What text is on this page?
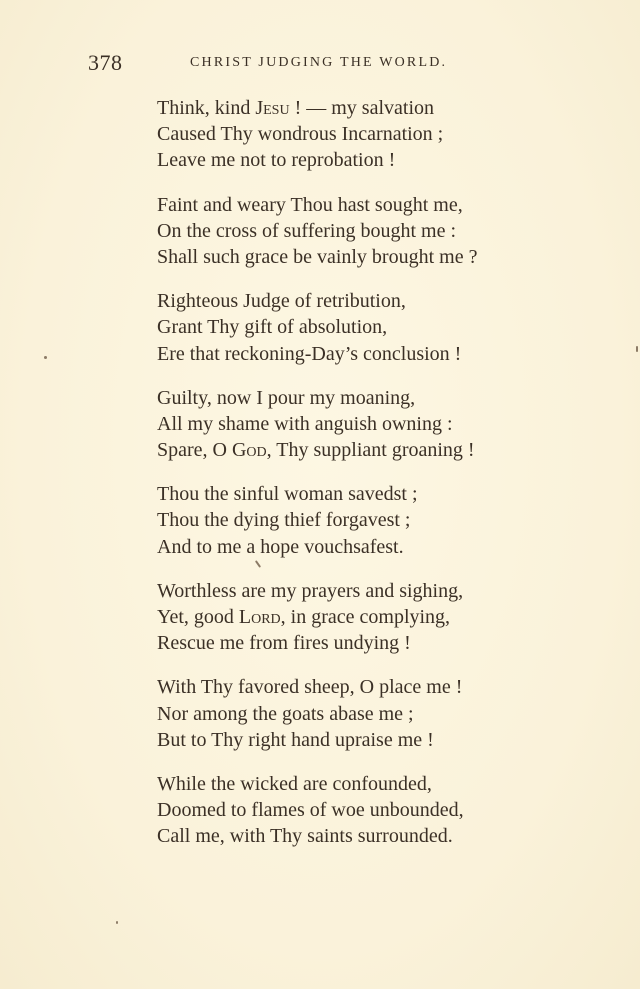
378	CHRIST JUDGING THE WORLD.
Think, kind Jesu ! — my salvation
Caused Thy wondrous Incarnation ;
Leave me not to reprobation !
Faint and weary Thou hast sought me,
On the cross of suffering bought me :
Shall such grace be vainly brought me ?
Righteous Judge of retribution,
Grant Thy gift of absolution,
Ere that reckoning-Day’s conclusion !
Guilty, now I pour my moaning,
All my shame with anguish owning :
Spare, O God, Thy suppliant groaning !
Thou the sinful woman savedst ;
Thou the dying thief forgavest ;
And to me a hope vouchsafest.
Worthless are my prayers and sighing,
Yet, good Lord, in grace complying,
Rescue me from fires undying !
With Thy favored sheep, O place me !
Nor among the goats abase me ;
But to Thy right hand upraise me !
While the wicked are confounded,
Doomed to flames of woe unbounded,
Call me, with Thy saints surrounded.
